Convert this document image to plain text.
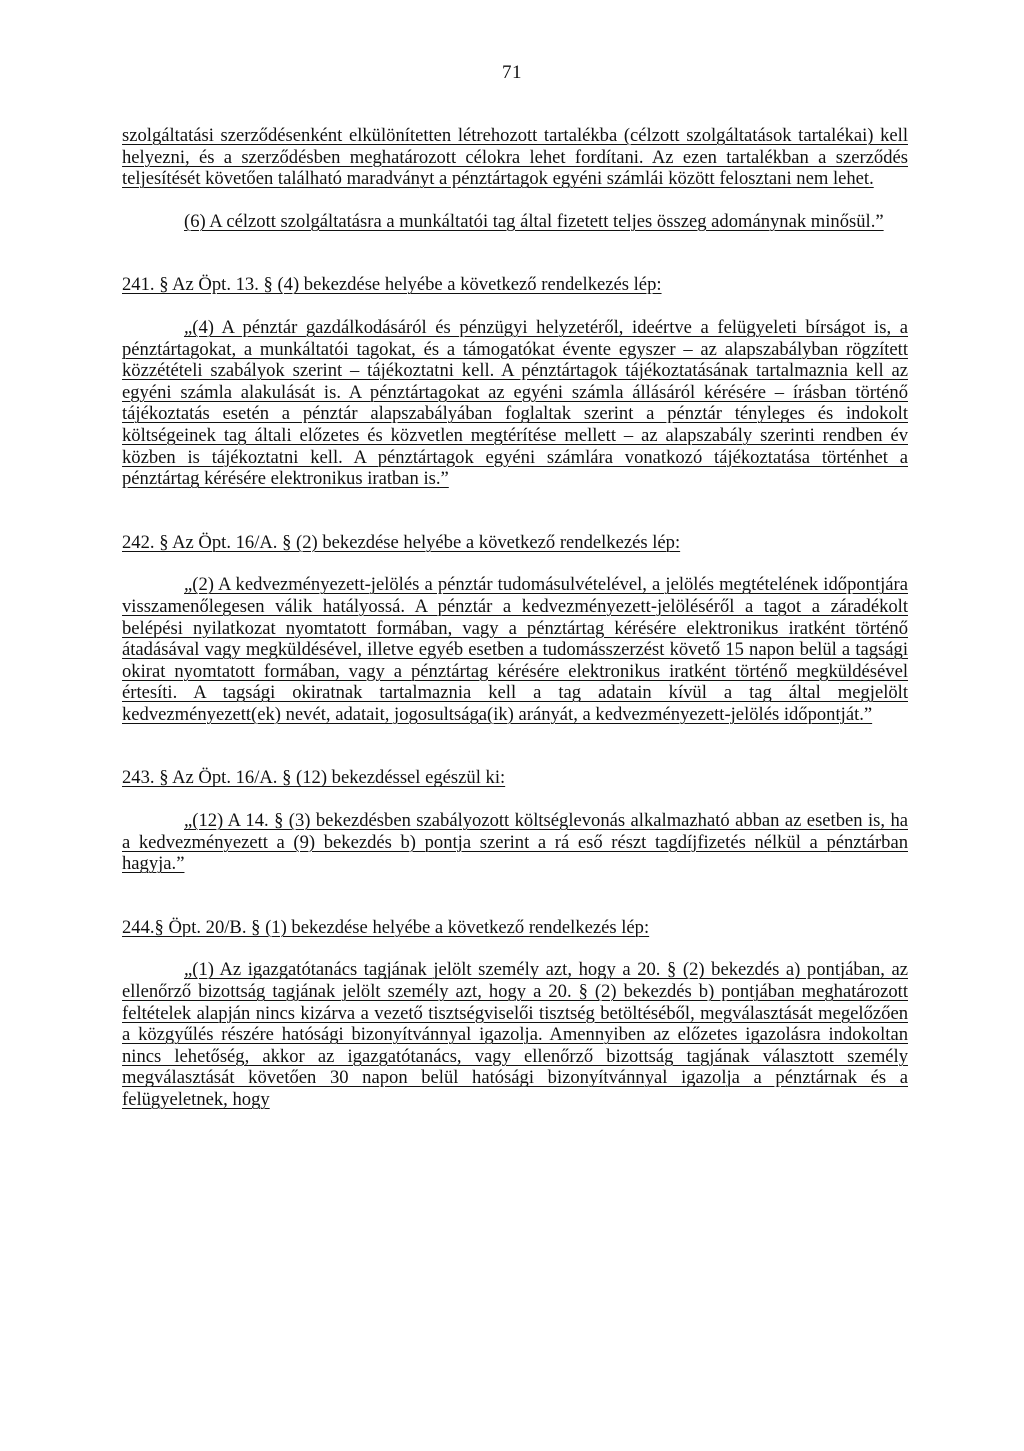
71

szolgáltatási szerződésenként elkülönítetten létrehozott tartalékba (célzott szolgáltatások tartalékai) kell helyezni, és a szerződésben meghatározott célokra lehet fordítani. Az ezen tartalékban a szerződés teljesítését követően található maradványt a pénztártagok egyéni számlái között felosztani nem lehet.

(6) A célzott szolgáltatásra a munkáltatói tag által fizetett teljes összeg adománynak minősül.”

241. § Az Öpt. 13. § (4) bekezdése helyébe a következő rendelkezés lép:

„(4) A pénztár gazdálkodásáról és pénzügyi helyzetéről, ideértve a felügyeleti bírságot is, a pénztártagokat, a munkáltatói tagokat, és a támogatókat évente egyszer – az alapszabályban rögzített közzétételi szabályok szerint – tájékoztatni kell. A pénztártagok tájékoztatásának tartalmaznia kell az egyéni számla alakulását is. A pénztártagokat az egyéni számla állásáról kérésére – írásban történő tájékoztatás esetén a pénztár alapszabályában foglaltak szerint a pénztár tényleges és indokolt költségeinek tag általi előzetes és közvetlen megtérítése mellett – az alapszabály szerinti rendben év közben is tájékoztatni kell. A pénztártagok egyéni számlára vonatkozó tájékoztatása történhet a pénztártag kérésére elektronikus iratban is.”

242. § Az Öpt. 16/A. § (2) bekezdése helyébe a következő rendelkezés lép:

„(2) A kedvezményezett-jelölés a pénztár tudomásulvételével, a jelölés megtételének időpontjára visszamenőlegesen válik hatályossá. A pénztár a kedvezményezett-jelöléséről a tagot a záradékolt belépési nyilatkozat nyomtatott formában, vagy a pénztártag kérésére elektronikus iratként történő átadásával vagy megküldésével, illetve egyéb esetben a tudomásszerzést követő 15 napon belül a tagsági okirat nyomtatott formában, vagy a pénztártag kérésére elektronikus iratként történő megküldésével értesíti. A tagsági okiratnak tartalmaznia kell a tag adatain kívül a tag által megjelölt kedvezményezett(ek) nevét, adatait, jogosultsága(ik) arányát, a kedvezményezett-jelölés időpontját.”

243. § Az Öpt. 16/A. § (12) bekezdéssel egészül ki:

„(12) A 14. § (3) bekezdésben szabályozott költséglevonás alkalmazható abban az esetben is, ha a kedvezményezett a (9) bekezdés b) pontja szerint a rá eső részt tagdíjfizetés nélkül a pénztárban hagyja.”

244.§ Öpt. 20/B. § (1) bekezdése helyébe a következő rendelkezés lép:

„(1) Az igazgatótanács tagjának jelölt személy azt, hogy a 20. § (2) bekezdés a) pontjában, az ellenőrző bizottság tagjának jelölt személy azt, hogy a 20. § (2) bekezdés b) pontjában meghatározott feltételek alapján nincs kizárva a vezető tisztségviselői tisztség betöltéséből, megválasztását megelőzően a közgyűlés részére hatósági bizonyítvánnyal igazolja. Amennyiben az előzetes igazolásra indokoltan nincs lehetőség, akkor az igazgatótanács, vagy ellenőrző bizottság tagjának választott személy megválasztását követően 30 napon belül hatósági bizonyítvánnyal igazolja a pénztárnak és a felügyeletnek, hogy
